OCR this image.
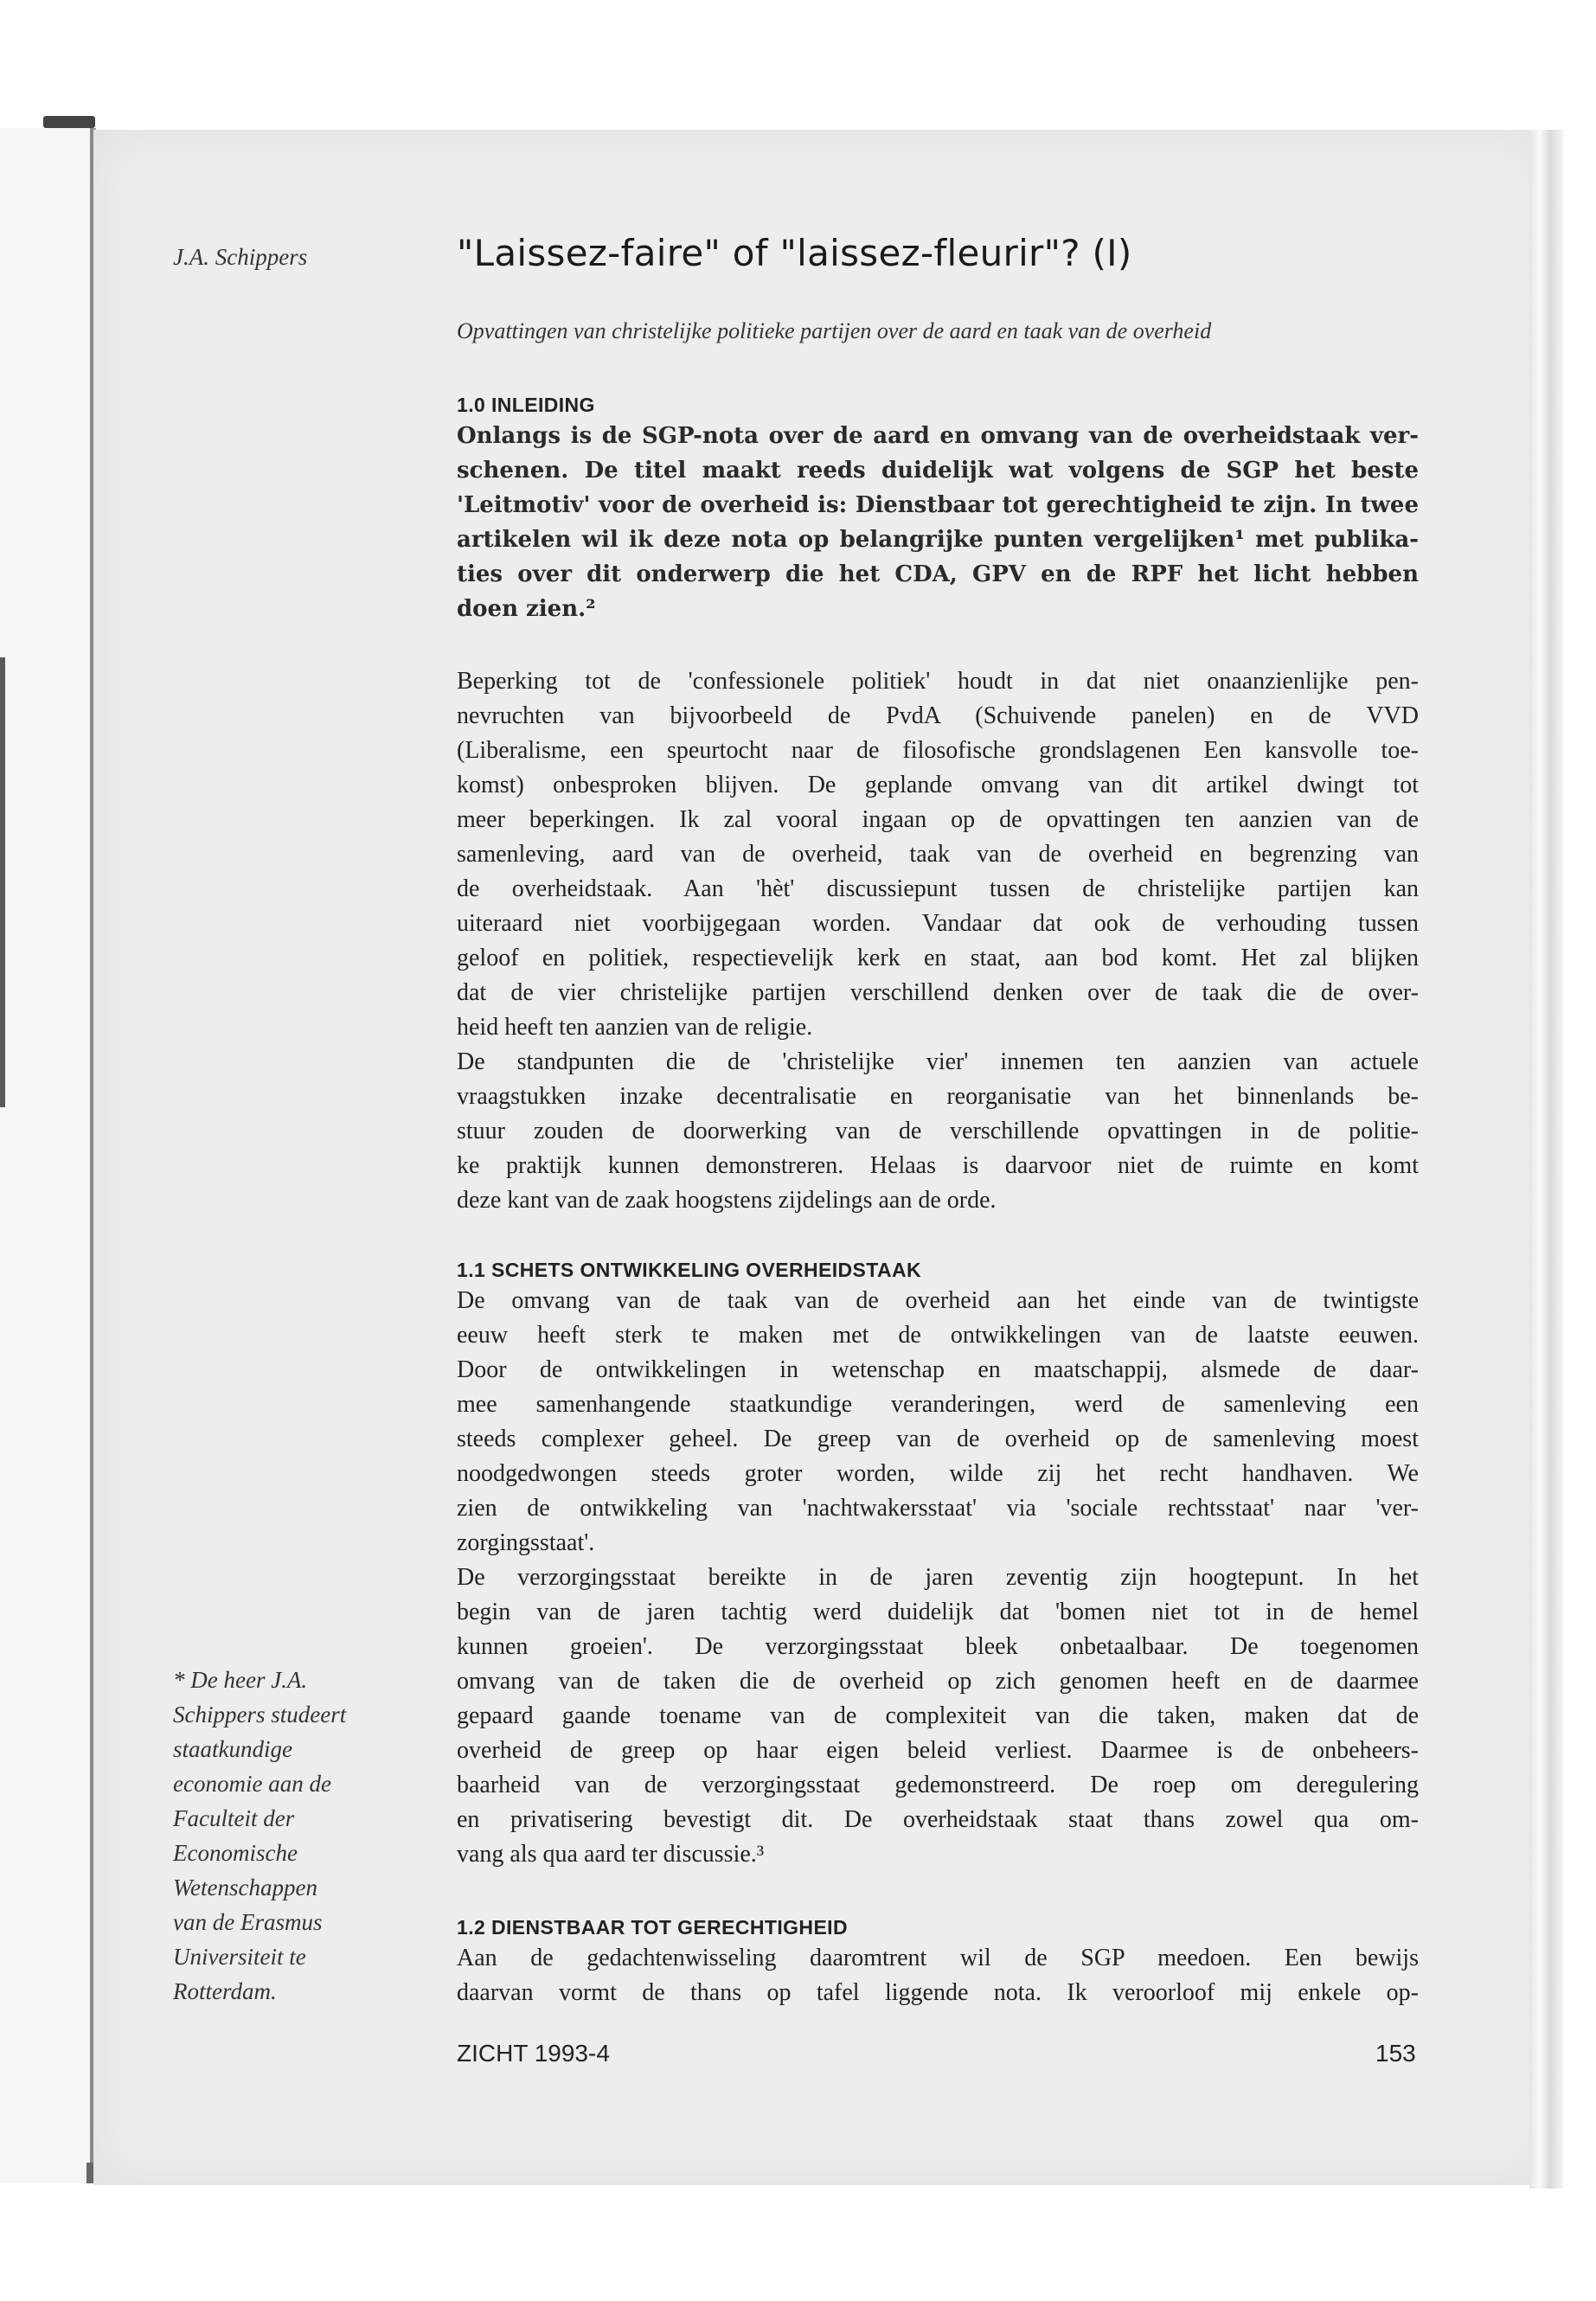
J.A. Schippers	"Laissez-faire" of "laissez-fleurir"? (I)
Opvattingen van christelijke politieke partijen over de aard en taak van de overheid
1.0 INLEIDING
Onlangs is de SGP-nota over de aard en omvang van de overheidstaak ver-
schenen. De titel maakt reeds duidelijk wat volgens de SGP het beste
'Leitmotiv' voor de overheid is: Dienstbaar tot gerechtigheid te zijn. In twee
artikelen wil ik deze nota op belangrijke punten vergelijken¹ met publika-
ties over dit onderwerp die het CDA, GPV en de RPF het licht hebben
doen zien.²
Beperking tot de 'confessionele politiek' houdt in dat niet onaanzienlijke pen-
nevruchten van bijvoorbeeld de PvdA (Schuivende panelen) en de VVD
(Liberalisme, een speurtocht naar de filosofische grondslagenen Een kansvolle toe-
komst) onbesproken blijven. De geplande omvang van dit artikel dwingt tot
meer beperkingen. Ik zal vooral ingaan op de opvattingen ten aanzien van de
samenleving, aard van de overheid, taak van de overheid en begrenzing van
de overheidstaak. Aan 'hèt' discussiepunt tussen de christelijke partijen kan
uiteraard niet voorbijgegaan worden. Vandaar dat ook de verhouding tussen
geloof en politiek, respectievelijk kerk en staat, aan bod komt. Het zal blijken
dat de vier christelijke partijen verschillend denken over de taak die de over-
heid heeft ten aanzien van de religie.
De standpunten die de 'christelijke vier' innemen ten aanzien van actuele
vraagstukken inzake decentralisatie en reorganisatie van het binnenlands be-
stuur zouden de doorwerking van de verschillende opvattingen in de politie-
ke praktijk kunnen demonstreren. Helaas is daarvoor niet de ruimte en komt
deze kant van de zaak hoogstens zijdelings aan de orde.
1.1 SCHETS ONTWIKKELING OVERHEIDSTAAK
De omvang van de taak van de overheid aan het einde van de twintigste
eeuw heeft sterk te maken met de ontwikkelingen van de laatste eeuwen.
Door de ontwikkelingen in wetenschap en maatschappij, alsmede de daar-
mee samenhangende staatkundige veranderingen, werd de samenleving een
steeds complexer geheel. De greep van de overheid op de samenleving moest
noodgedwongen steeds groter worden, wilde zij het recht handhaven. We
zien de ontwikkeling van 'nachtwakersstaat' via 'sociale rechtsstaat' naar 'ver-
zorgingsstaat'.
De verzorgingsstaat bereikte in de jaren zeventig zijn hoogtepunt. In het
begin van de jaren tachtig werd duidelijk dat 'bomen niet tot in de hemel
kunnen groeien'. De verzorgingsstaat bleek onbetaalbaar. De toegenomen
omvang van de taken die de overheid op zich genomen heeft en de daarmee
gepaard gaande toename van de complexiteit van die taken, maken dat de
overheid de greep op haar eigen beleid verliest. Daarmee is de onbeheers-
baarheid van de verzorgingsstaat gedemonstreerd. De roep om deregulering
en privatisering bevestigt dit. De overheidstaak staat thans zowel qua om-
vang als qua aard ter discussie.³
1.2 DIENSTBAAR TOT GERECHTIGHEID
Aan de gedachtenwisseling daaromtrent wil de SGP meedoen. Een bewijs
daarvan vormt de thans op tafel liggende nota. Ik veroorloof mij enkele op-
* De heer J.A.
Schippers studeert
staatkundige
economie aan de
Faculteit der
Economische
Wetenschappen
van de Erasmus
Universiteit te
Rotterdam.
ZICHT 1993-4	153
